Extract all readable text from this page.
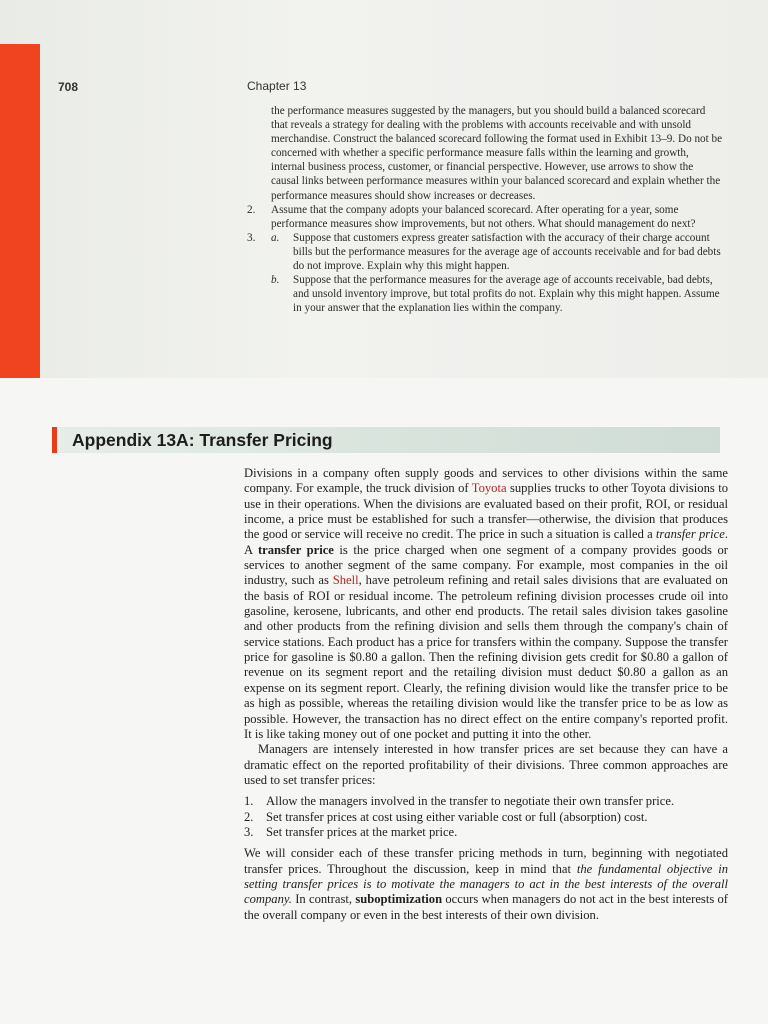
708	Chapter 13

the performance measures suggested by the managers, but you should build a balanced scorecard that reveals a strategy for dealing with the problems with accounts receivable and with unsold merchandise. Construct the balanced scorecard following the format used in Exhibit 13–9. Do not be concerned with whether a specific performance measure falls within the learning and growth, internal business process, customer, or financial perspective. However, use arrows to show the causal links between performance measures within your balanced scorecard and explain whether the performance measures should show increases or decreases.

2.	Assume that the company adopts your balanced scorecard. After operating for a year, some performance measures show improvements, but not others. What should management do next?
3.	a.	Suppose that customers express greater satisfaction with the accuracy of their charge account bills but the performance measures for the average age of accounts receivable and for bad debts do not improve. Explain why this might happen.
b.	Suppose that the performance measures for the average age of accounts receivable, bad debts, and unsold inventory improve, but total profits do not. Explain why this might happen. Assume in your answer that the explanation lies within the company.
Appendix 13A: Transfer Pricing

Divisions in a company often supply goods and services to other divisions within the same company. For example, the truck division of Toyota supplies trucks to other Toyota divisions to use in their operations. When the divisions are evaluated based on their profit, ROI, or residual income, a price must be established for such a transfer—otherwise, the division that produces the good or service will receive no credit. The price in such a situation is called a transfer price. A transfer price is the price charged when one segment of a company provides goods or services to another segment of the same company. For example, most companies in the oil industry, such as Shell, have petroleum refining and retail sales divisions that are evaluated on the basis of ROI or residual income. The petroleum refining division processes crude oil into gasoline, kerosene, lubricants, and other end products. The retail sales division takes gasoline and other products from the refining division and sells them through the company's chain of service stations. Each product has a price for transfers within the company. Suppose the transfer price for gasoline is $0.80 a gallon. Then the refining division gets credit for $0.80 a gallon of revenue on its segment report and the retailing division must deduct $0.80 a gallon as an expense on its segment report. Clearly, the refining division would like the transfer price to be as high as possible, whereas the retailing division would like the transfer price to be as low as possible. However, the transaction has no direct effect on the entire company's reported profit. It is like taking money out of one pocket and putting it into the other.

Managers are intensely interested in how transfer prices are set because they can have a dramatic effect on the reported profitability of their divisions. Three common approaches are used to set transfer prices:

1. Allow the managers involved in the transfer to negotiate their own transfer price.
2. Set transfer prices at cost using either variable cost or full (absorption) cost.
3. Set transfer prices at the market price.

We will consider each of these transfer pricing methods in turn, beginning with negotiated transfer prices. Throughout the discussion, keep in mind that the fundamental objective in setting transfer prices is to motivate the managers to act in the best interests of the overall company. In contrast, suboptimization occurs when managers do not act in the best interests of the overall company or even in the best interests of their own division.
